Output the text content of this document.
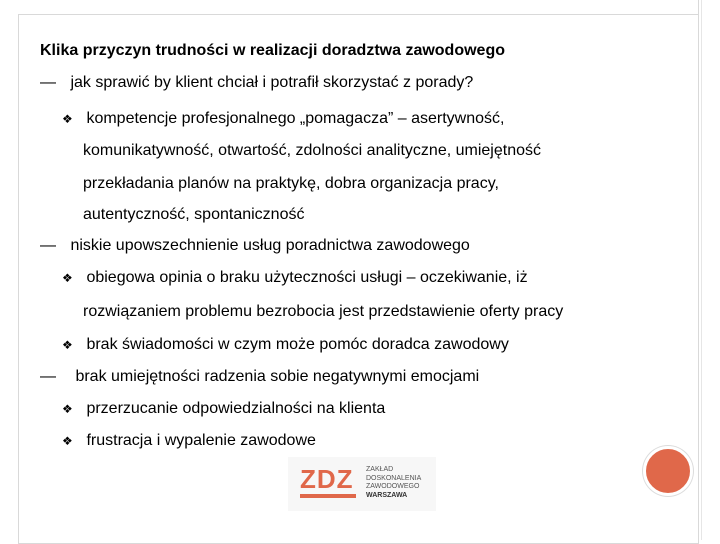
Klika przyczyn trudności w realizacji doradztwa zawodowego
— jak sprawić by klient chciał i potrafił skorzystać z porady?
❖ kompetencje profesjonalnego „pomagacza” – asertywność,
komunikatywność, otwartość, zdolności analityczne, umiejętność
przekładania planów na praktykę, dobra organizacja pracy,
autentyczność, spontaniczność
— niskie upowszechnienie usług poradnictwa zawodowego
❖ obiegowa opinia o braku użyteczności usługi – oczekiwanie, iż
rozwiązaniem problemu bezrobocia jest przedstawienie oferty pracy
❖ brak świadomości w czym może pomóc doradca zawodowy
— brak umiejętności radzenia sobie negatywnymi emocjami
❖ przerzucanie odpowiedzialności na klienta
❖ frustracja i wypalenie zawodowe
ZDZ ZAKŁAD
DOSKONALENIA
ZAWODOWEGO
WARSZAWA
